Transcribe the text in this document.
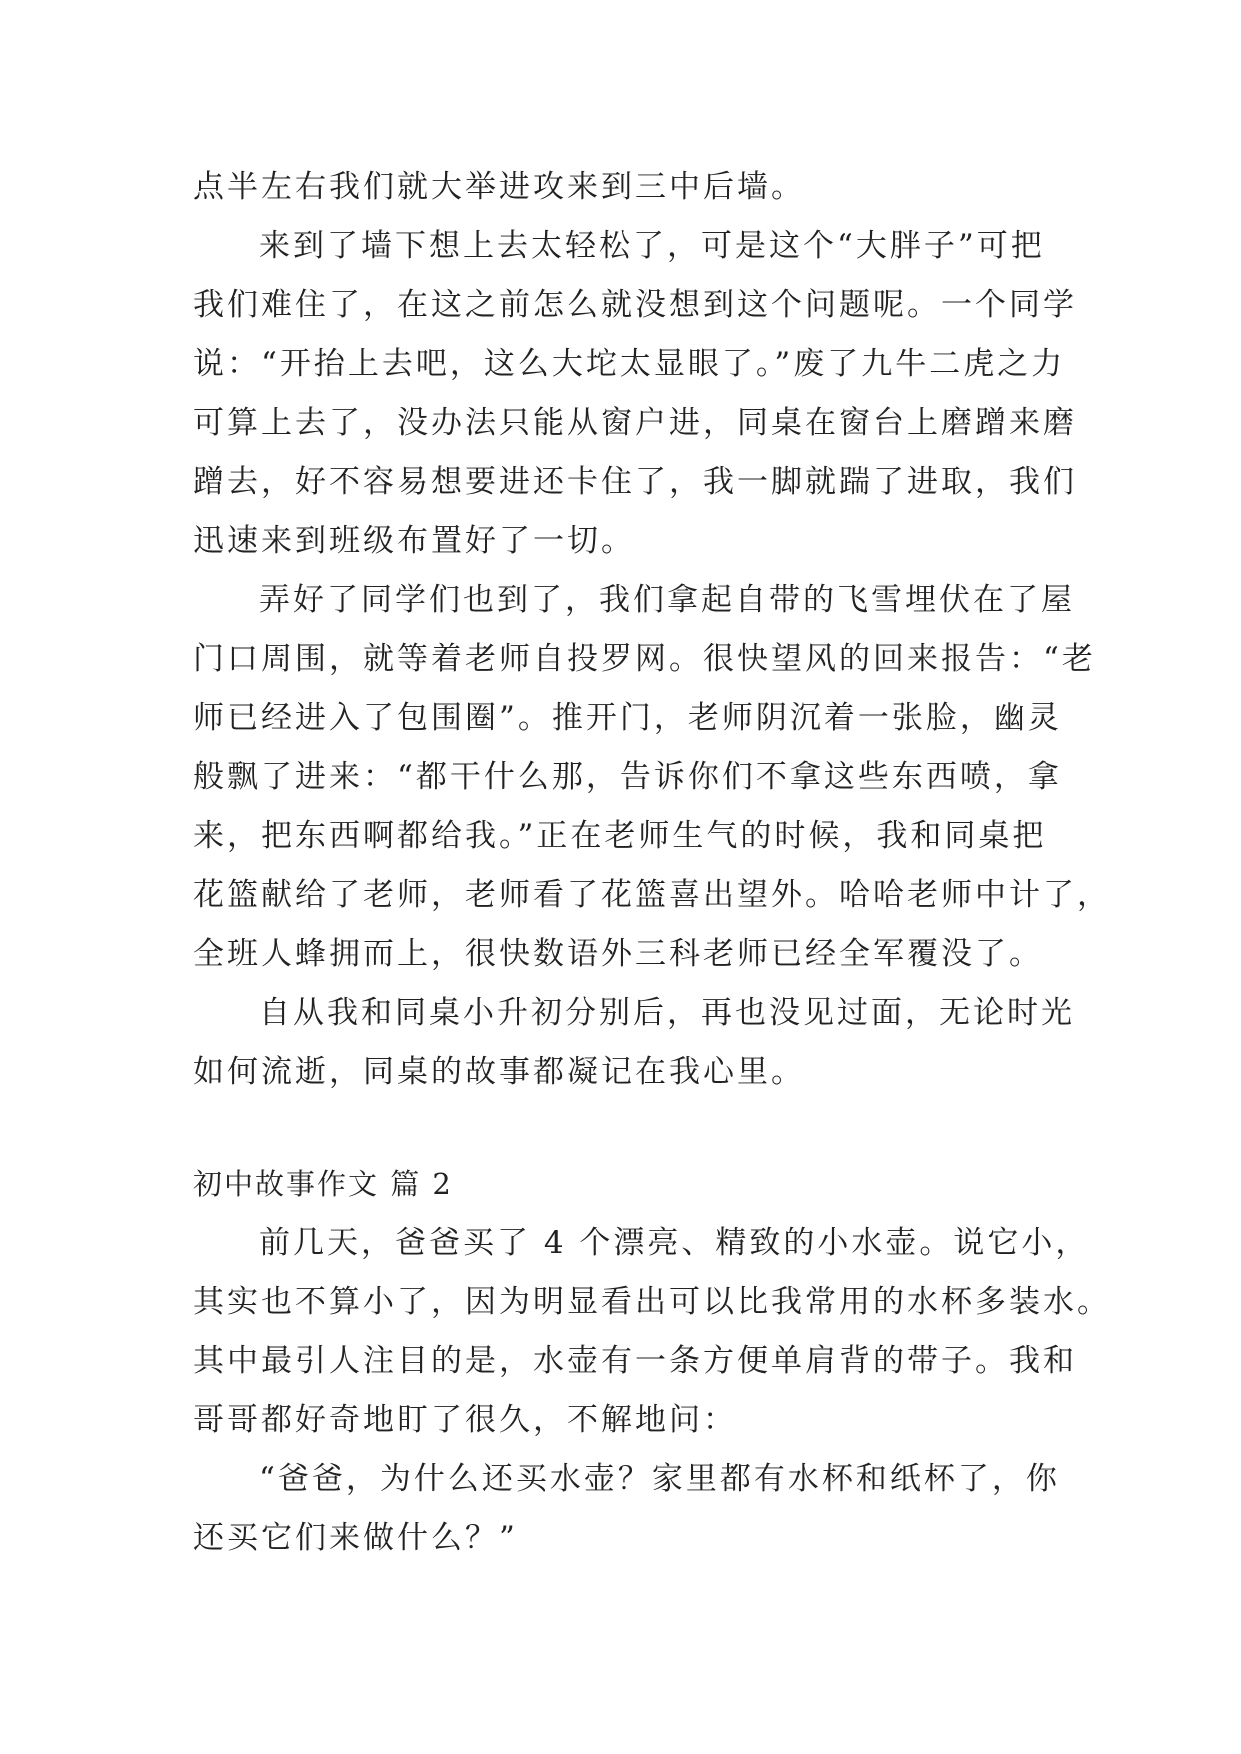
点半左右我们就大举进攻来到三中后墙。

来到了墙下想上去太轻松了，可是这个“大胖子”可把

我们难住了，在这之前怎么就没想到这个问题呢。一个同学

说：“开抬上去吧，这么大坨太显眼了。”废了九牛二虎之力

可算上去了，没办法只能从窗户进，同桌在窗台上磨蹭来磨

蹭去，好不容易想要进还卡住了，我一脚就踹了进取，我们

迅速来到班级布置好了一切。

弄好了同学们也到了，我们拿起自带的飞雪埋伏在了屋

门口周围，就等着老师自投罗网。很快望风的回来报告：“老

师已经进入了包围圈”。推开门，老师阴沉着一张脸，幽灵

般飘了进来：“都干什么那，告诉你们不拿这些东西喷，拿

来，把东西啊都给我。”正在老师生气的时候，我和同桌把

花篮献给了老师，老师看了花篮喜出望外。哈哈老师中计了，

全班人蜂拥而上，很快数语外三科老师已经全军覆没了。

自从我和同桌小升初分别后，再也没见过面，无论时光

如何流逝，同桌的故事都凝记在我心里。

初中故事作文 篇 2

前几天，爸爸买了 4 个漂亮、精致的小水壶。说它小，

其实也不算小了，因为明显看出可以比我常用的水杯多装水。

其中最引人注目的是，水壶有一条方便单肩背的带子。我和

哥哥都好奇地盯了很久，不解地问：

“爸爸，为什么还买水壶？家里都有水杯和纸杯了，你

还买它们来做什么？”
